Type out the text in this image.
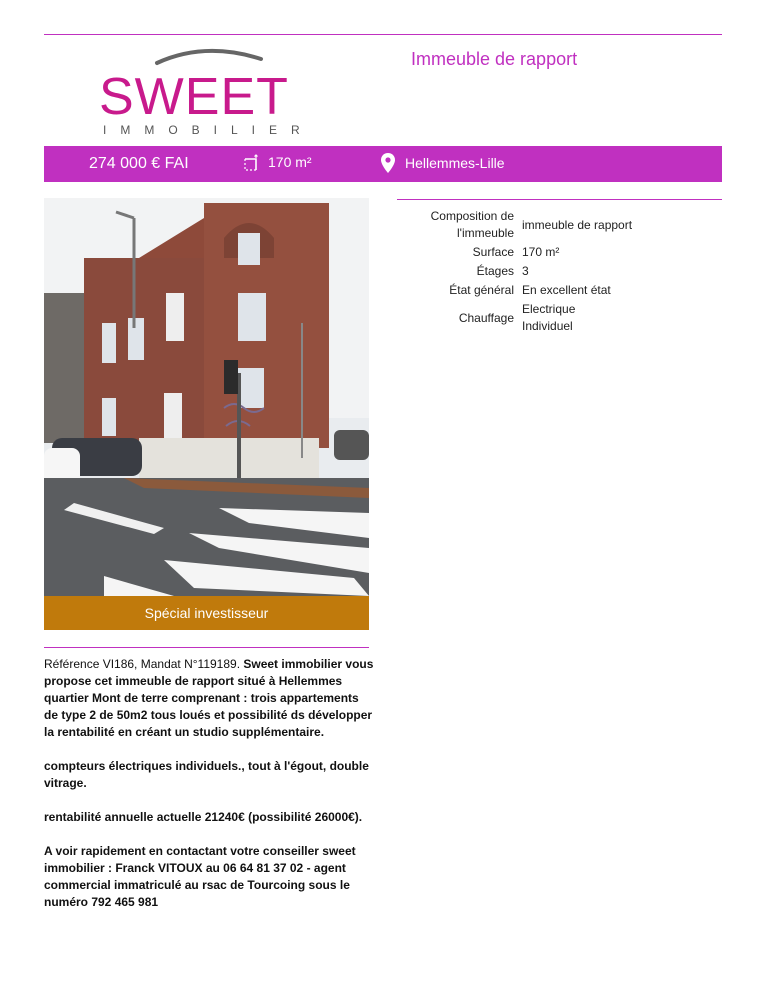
Immeuble de rapport
SWEET
IMMOBILIER
274 000 € FAI	170 m²	Hellemmes-Lille
Spécial investisseur
Composition de l'immeuble
immeuble de rapport
Surface 170 m²
Étages 3
État général En excellent état
Chauffage
Electrique Individuel

Référence VI186, Mandat N°119189. Sweet immobilier vous propose cet immeuble de rapport situé à Hellemmes quartier Mont de terre comprenant : trois appartements de type 2 de 50m2 tous loués et possibilité ds développer la rentabilité en créant un studio supplémentaire.

compteurs électriques individuels., tout à l'égout, double vitrage.

rentabilité annuelle actuelle 21240€ (possibilité 26000€).

A voir rapidement en contactant votre conseiller sweet immobilier : Franck VITOUX au 06 64 81 37 02 - agent commercial immatriculé au rsac de Tourcoing sous le numéro 792 465 981
